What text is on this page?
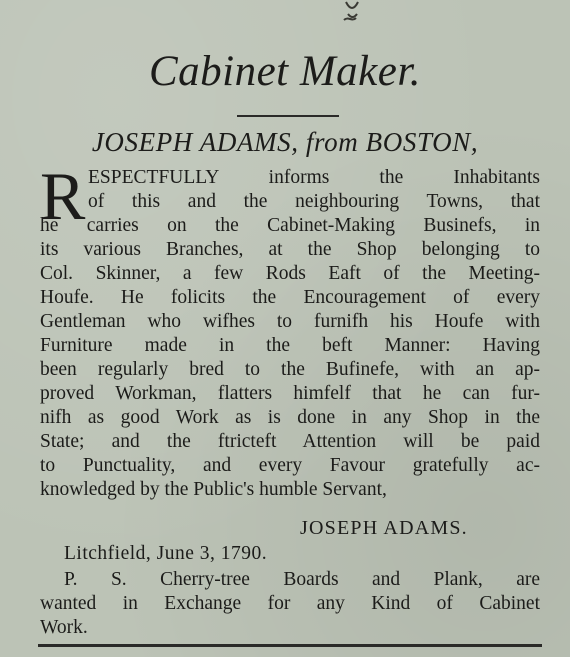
Cabinet Maker.
JOSEPH ADAMS, from BOSTON,
R ESPECTFULLY informs the Inhabitants
of this and the neighbouring Towns, that
he carries on the Cabinet-Making Businefs, in
its various Branches, at the Shop belonging to
Col. Skinner, a few Rods Eaft of the Meeting-
Houfe. He folicits the Encouragement of every
Gentleman who wifhes to furnifh his Houfe with
Furniture made in the beft Manner: Having
been regularly bred to the Bufinefe, with an ap-
proved Workman, flatters himfelf that he can fur-
nifh as good Work as is done in any Shop in the
State; and the ftricteft Attention will be paid
to Punctuality, and every Favour gratefully ac-
knowledged by the Public's humble Servant,
JOSEPH ADAMS.
Litchfield, June 3, 1790.
P. S. Cherry-tree Boards and Plank, are
wanted in Exchange for any Kind of Cabinet
Work.
